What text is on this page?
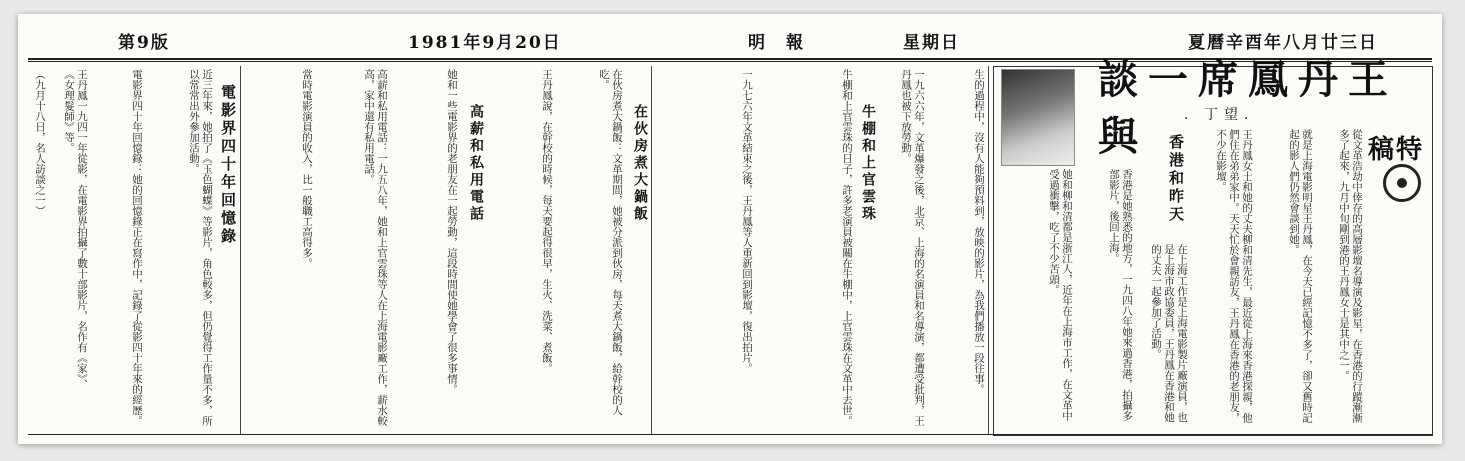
第9版	1981年9月20日	明　報	星期日	夏曆辛酉年八月廿三日
談一席鳳丹王與	．丁望．
稿特
香港和昨天	從文革浩劫中倖存的高層影壇名導演及影星，在香港的行蹤漸漸多了起來，九月中旬剛到港的王丹鳳女士是其中之一。
就是上海電影明星王丹鳳，在今天已經記憶不多了，卻又舊時記起的影人們仍然會談到她。
王丹鳳女士和她的丈夫柳和清先生，最近從上海來香港探親，他們住在弟弟家中。天天忙於會親訪友，王丹鳳在香港的老朋友，不少在影壇。
在上海工作是上海電影製片廠演員，也是上海市政協委員，王丹鳳在香港和她的丈夫一起參加了活動。
香港是她熟悉的地方，一九四八年她來過香港，拍攝多部影片，後回上海。
她和柳和清都是浙江人，近年在上海市工作，在文革中受過衝擊，吃了不少苦頭。
生的過程中，沒有人能夠預料到，放映的影片，為我們播放一段往事。
一九六六年，文革爆發之後，北京、上海的名演員和名導演，都遭受批判，王丹鳳也被下放勞動。
牛棚和上官雲珠
牛棚和上官雲珠的日子，許多老演員被關在牛棚中，上官雲珠在文革中去世。
一九七六年文革結束之後，王丹鳳等人重新回到影壇，復出拍片。
在伙房煮大鍋飯
在伙房煮大鍋飯：文革期間，她被分派到伙房，每天煮大鍋飯，給幹校的人吃。
王丹鳳說，在幹校的時候，每天要起得很早，生火、洗菜、煮飯。
高薪和私用電話
她和一些電影界的老朋友在一起勞動，這段時間使她學會了很多事情。
高薪和私用電話：一九五八年，她和上官雲珠等人在上海電影廠工作，薪水較高，家中還有私用電話。
當時電影演員的收入，比一般職工高得多。
電影界四十年回憶錄
近三年來，她拍了《玉色蝴蝶》等影片，角色較多，但仍覺得工作量不多，所以常常出外參加活動。
電影界四十年回憶錄：她的回憶錄正在寫作中，記錄了從影四十年來的經歷。
王丹鳳一九四一年從影，在電影界拍攝了數十部影片，名作有《家》、《女理髮師》等。
（九月十八日，名人訪談之一）
